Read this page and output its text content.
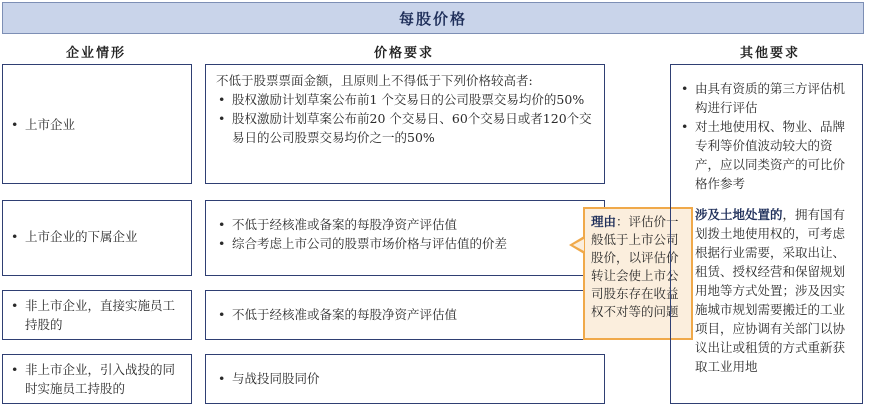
每股价格
企业情形	价格要求	其他要求
• 上市企业
不低于股票票面金额，且原则上不得低于下列价格较高者:
• 股权激励计划草案公布前1 个交易日的公司股票交易均价的50%
• 股权激励计划草案公布前20 个交易日、60个交易日或者120个交易日的公司股票交易均价之一的50%
• 上市企业的下属企业
• 不低于经核准或备案的每股净资产评估值
• 综合考虑上市公司的股票市场价格与评估值的价差
• 非上市企业，直接实施员工持股的
• 不低于经核准或备案的每股净资产评估值
• 非上市企业，引入战投的同时实施员工持股的
• 与战投同股同价
理由：评估价一般低于上市公司股价，以评估价转让会使上市公司股东存在收益权不对等的问题
• 由具有资质的第三方评估机构进行评估
• 对土地使用权、物业、品牌专利等价值波动较大的资产，应以同类资产的可比价格作参考
涉及土地处置的，拥有国有划拨土地使用权的，可考虑根据行业需要，采取出让、租赁、授权经营和保留规划用地等方式处置；涉及因实施城市规划需要搬迁的工业项目，应协调有关部门以协议出让或租赁的方式重新获取工业用地
